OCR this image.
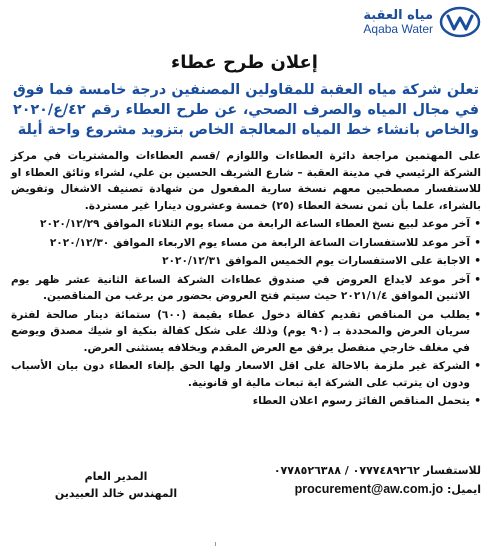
مياه العقبة
Aqaba Water
إعلان طرح عطاء
تعلن شركة مياه العقبة للمقاولين المصنفين درجة خامسة فما فوق في مجال المياه والصرف الصحي، عن طرح العطاء رقم ٤٢/ع/٢٠٢٠ والخاص بانشاء خط المياه المعالجة الخاص بتزويد مشروع واحة أيلة

على المهتمين مراجعة دائرة العطاءات واللوازم /قسم العطاءات والمشتريات في مركز الشركة الرئيسي في مدينة العقبة – شارع الشريف الحسين بن علي، لشراء وثائق العطاء او للاستفسار مصطحبين معهم نسخة سارية المفعول من شهادة تصنيف الاشغال وتفويض بالشراء، علما بأن ثمن نسخة العطاء (٢٥) خمسة وعشرون دينارا غير مستردة.

• آخر موعد لبيع نسخ العطاء الساعة الرابعة من مساء يوم الثلاثاء الموافق ٢٠٢٠/١٢/٢٩
• آخر موعد للاستفسارات الساعة الرابعة من مساء يوم الاربعاء الموافق ٢٠٢٠/١٢/٣٠
• الاجابة على الاستفسارات يوم الخميس الموافق ٢٠٢٠/١٢/٣١
• آخر موعد لايداع العروض في صندوق عطاءات الشركة الساعة الثانية عشر ظهر يوم الاثنين الموافق ٢٠٢١/١/٤ حيث سيتم فتح العروض بحضور من يرغب من المناقصين.
• يطلب من المناقص تقديم كفالة دخول عطاء بقيمة (٦٠٠) ستمائة دينار صالحة لفترة سريان العرض والمحددة بـ (٩٠ يوم) وذلك على شكل كفالة بنكية او شيك مصدق ويوضع في مغلف خارجي منفصل يرفق مع العرض المقدم وبخلافه يستثنى العرض.
• الشركة غير ملزمة بالاحالة على اقل الاسعار ولها الحق بإلغاء العطاء دون بيان الأسباب ودون ان يترتب على الشركة اية تبعات مالية او قانونية.
• يتحمل المناقص الفائز رسوم اعلان العطاء
للاستفسار ٠٧٧٧٤٨٩٢٦٢ / ٠٧٧٨٥٢٦٣٨٨
ايميل: procurement@aw.com.jo
المدير العام
المهندس خالد العبيدين
